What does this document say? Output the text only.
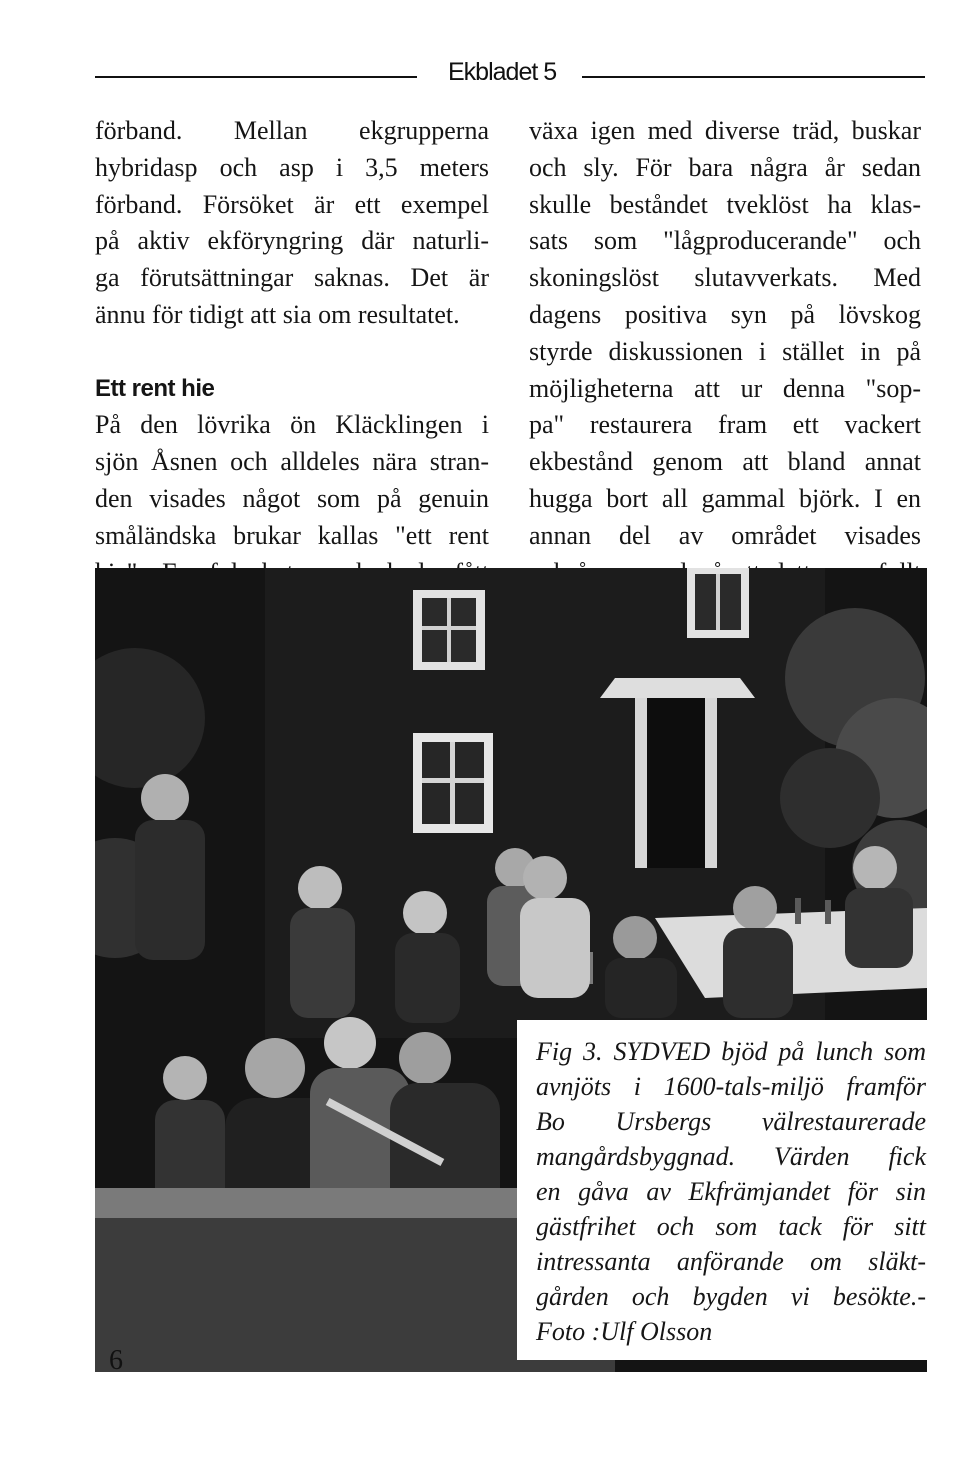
Ekbladet 5
förband. Mellan ekgrupperna
hybridasp och asp i 3,5 meters
förband. Försöket är ett exempel
på aktiv ekföryngring där naturli-
ga förutsättningar saknas. Det är
ännu för tidigt att sia om resultatet.
Ett rent hie
På den lövrika ön Kläcklingen i
sjön Åsnen och alldeles nära stran-
den visades något som på genuin
småländska brukar kallas "ett rent
växa igen med diverse träd, buskar
och sly. För bara några år sedan
skulle beståndet tveklöst ha klas-
sats som "lågproducerande" och
skoningslöst slutavverkats. Med
dagens positiva syn på lövskog
styrde diskussionen i stället in på
möjligheterna att ur denna "sop-
pa" restaurera fram ett vackert
ekbestånd genom att bland annat
hugga bort all gammal björk. I en
annan del av området visades
Fig 3. SYDVED bjöd på lunch som
avnjöts i 1600-tals-miljö framför
Bo Ursbergs välrestaurerade
mangårdsbyggnad. Värden fick
en gåva av Ekfrämjandet för sin
gästfrihet och som tack för sitt
intressanta anförande om släkt-
gården och bygden vi besökte.-
Foto :Ulf Olsson
6
